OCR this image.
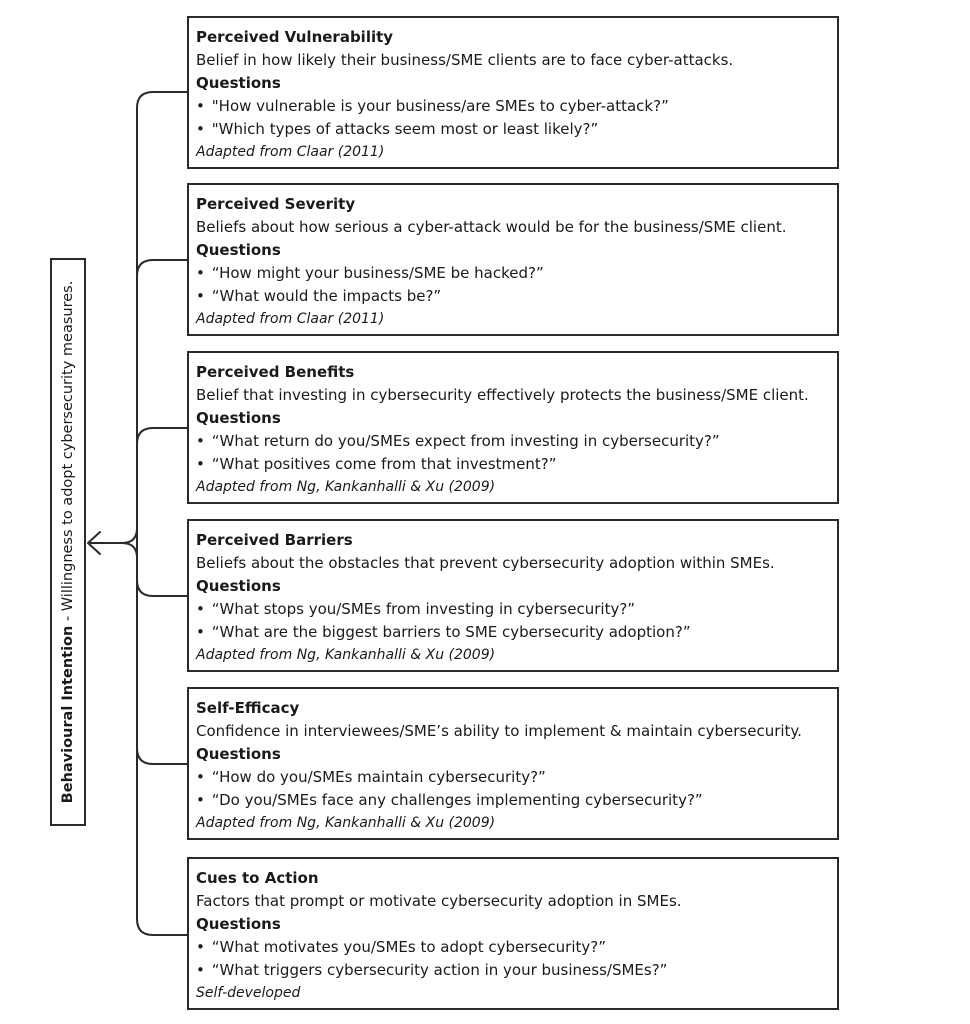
Behavioural Intention - Willingness to adopt cybersecurity measures.
Perceived Vulnerability
Belief in how likely their business/SME clients are to face cyber-attacks.
Questions
• "How vulnerable is your business/are SMEs to cyber-attack?”
• "Which types of attacks seem most or least likely?”
Adapted from Claar (2011)
Perceived Severity
Beliefs about how serious a cyber-attack would be for the business/SME client.
Questions
• “How might your business/SME be hacked?”
• “What would the impacts be?”
Adapted from Claar (2011)
Perceived Benefits
Belief that investing in cybersecurity effectively protects the business/SME client.
Questions
• “What return do you/SMEs expect from investing in cybersecurity?”
• “What positives come from that investment?”
Adapted from Ng, Kankanhalli & Xu (2009)
Perceived Barriers
Beliefs about the obstacles that prevent cybersecurity adoption within SMEs.
Questions
• “What stops you/SMEs from investing in cybersecurity?”
• “What are the biggest barriers to SME cybersecurity adoption?”
Adapted from Ng, Kankanhalli & Xu (2009)
Self-Efficacy
Confidence in interviewees/SME’s ability to implement & maintain cybersecurity.
Questions
• “How do you/SMEs maintain cybersecurity?”
• “Do you/SMEs face any challenges implementing cybersecurity?”
Adapted from Ng, Kankanhalli & Xu (2009)
Cues to Action
Factors that prompt or motivate cybersecurity adoption in SMEs.
Questions
• “What motivates you/SMEs to adopt cybersecurity?”
• “What triggers cybersecurity action in your business/SMEs?”
Self-developed
